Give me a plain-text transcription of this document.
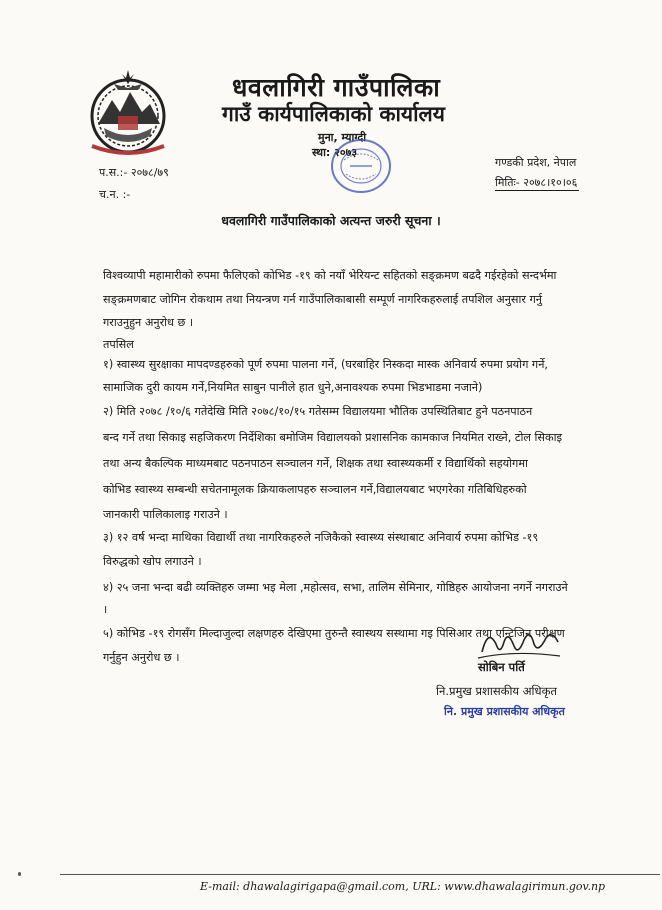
धवलागिरी गाउँपालिका
गाउँ कार्यपालिकाको कार्यालय
मुना, म्याग्दी
स्था: २०७३
प.स.:- २०७८/७९
च.न. :-
गण्डकी प्रदेश, नेपाल
मितिः- २०७८।१०।०६
धवलागिरी गाउँपालिकाको अत्यन्त जरुरी सूचना ।
विश्वव्यापी महामारीको रुपमा फैलिएको कोभिड -१९ को नयाँ भेरियन्ट सहितको सङ्क्रमण बढदै गईरहेको सन्दर्भमा
सङ्क्रमणबाट जोगिन रोकथाम तथा नियन्त्रण गर्न गाउँपालिकाबासी सम्पूर्ण नागरिकहरुलाई तपशिल अनुसार गर्नु
गराउनुहुन अनुरोध छ ।
तपसिल
१) स्वास्थ्य सुरक्षाका मापदण्डहरुको पूर्ण रुपमा पालना गर्ने, (घरबाहिर निस्कदा मास्क अनिवार्य रुपमा प्रयोग गर्ने,
सामाजिक दुरी कायम गर्ने,नियमित साबुन पानीले हात धुने,अनावश्यक रुपमा भिडभाडमा नजाने)
२) मिति २०७८ /१०/६ गतेदेखि मिति २०७८/१०/१५ गतेसम्म विद्यालयमा भौतिक उपस्थितिबाट हुने पठनपाठन
बन्द गर्ने तथा सिकाइ सहजिकरण निर्देशिका बमोजिम विद्यालयको प्रशासनिक कामकाज नियमित राख्ने, टोल सिकाइ
तथा अन्य बैकल्पिक माध्यमबाट पठनपाठन सञ्चालन गर्ने, शिक्षक तथा स्वास्थ्यकर्मी र विद्यार्थिको सहयोगमा
कोभिड स्वास्थ्य सम्बन्धी सचेतनामूलक क्रियाकलापहरु सञ्चालन गर्ने,विद्यालयबाट भएगरेका गतिबिधिहरुको
जानकारी पालिकालाइ गराउने ।
३) १२ वर्ष भन्दा माथिका विद्यार्थी तथा नागरिकहरुले नजिकैको स्वास्थ्य संस्थाबाट अनिवार्य रुपमा कोभिड -१९
विरुद्धको खोप लगाउने ।
४) २५ जना भन्दा बढी व्यक्तिहरु जम्मा भइ मेला ,महोत्सव, सभा, तालिम सेमिनार, गोष्ठिहरु आयोजना नगर्ने नगराउने
।
५) कोभिड -१९ रोगसँग मिल्दाजुल्दा लक्षणहरु देखिएमा तुरुन्तै स्वास्थय सस्थामा गइ पिसिआर तथा एन्टिजिन परीक्षण
गर्नुहुन अनुरोध छ ।
सोबिन पर्ति
नि.प्रमुख प्रशासकीय अधिकृत
नि. प्रमुख प्रशासकीय अधिकृत
E-mail: dhawalagirigapa@gmail.com, URL: www.dhawalagirimun.gov.np
